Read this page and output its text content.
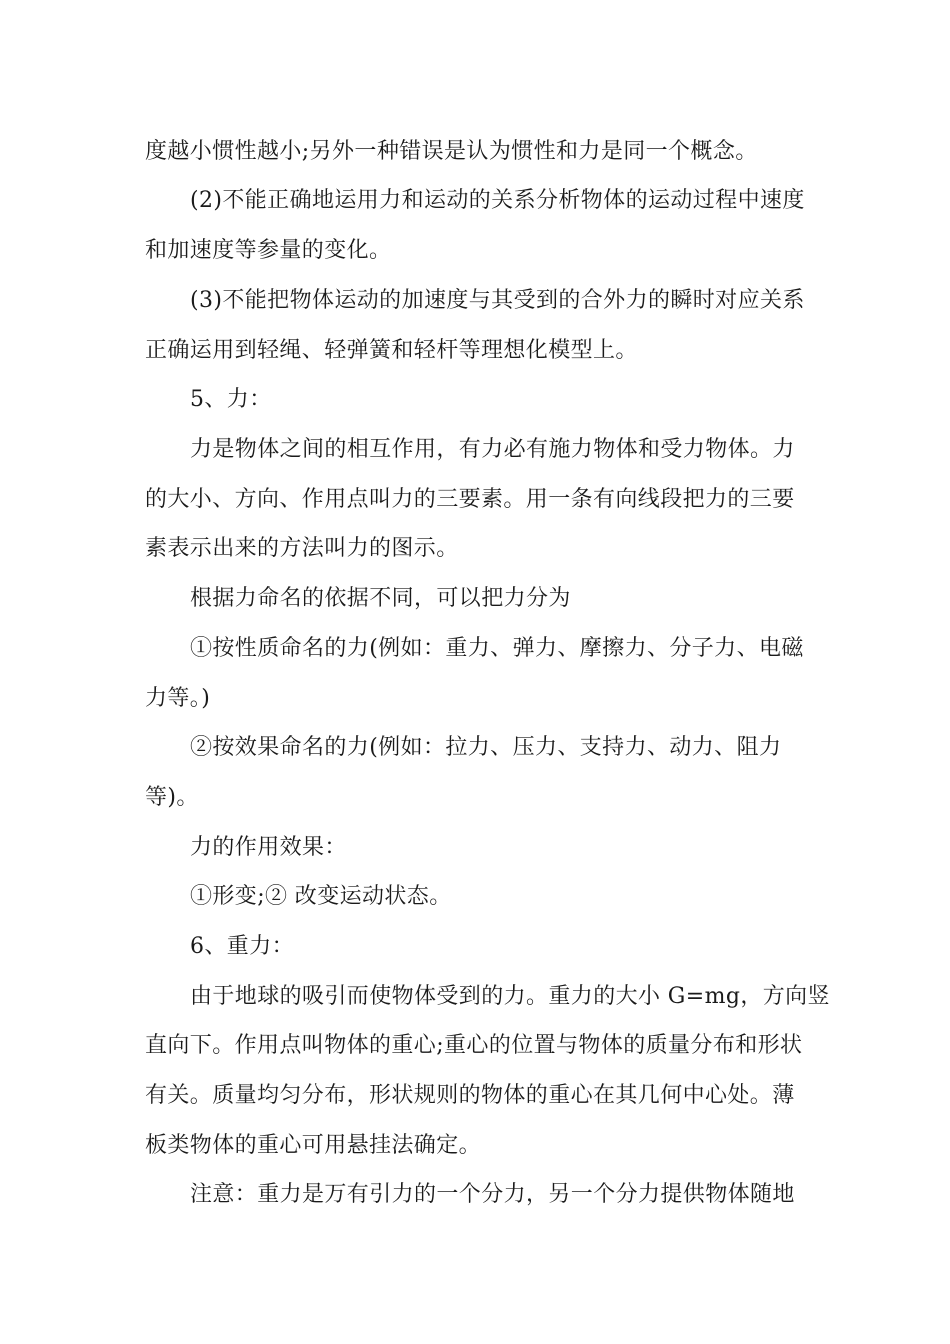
度越小惯性越小;另外一种错误是认为惯性和力是同一个概念。
(2)不能正确地运用力和运动的关系分析物体的运动过程中速度
和加速度等参量的变化。
(3)不能把物体运动的加速度与其受到的合外力的瞬时对应关系
正确运用到轻绳、轻弹簧和轻杆等理想化模型上。
5、力：
力是物体之间的相互作用，有力必有施力物体和受力物体。力
的大小、方向、作用点叫力的三要素。用一条有向线段把力的三要
素表示出来的方法叫力的图示。
根据力命名的依据不同，可以把力分为
①按性质命名的力(例如：重力、弹力、摩擦力、分子力、电磁
力等。)
②按效果命名的力(例如：拉力、压力、支持力、动力、阻力
等)。
力的作用效果：
①形变;② 改变运动状态。
6、重力：
由于地球的吸引而使物体受到的力。重力的大小 G=mg，方向竖
直向下。作用点叫物体的重心;重心的位置与物体的质量分布和形状
有关。质量均匀分布，形状规则的物体的重心在其几何中心处。薄
板类物体的重心可用悬挂法确定。
注意：重力是万有引力的一个分力，另一个分力提供物体随地
